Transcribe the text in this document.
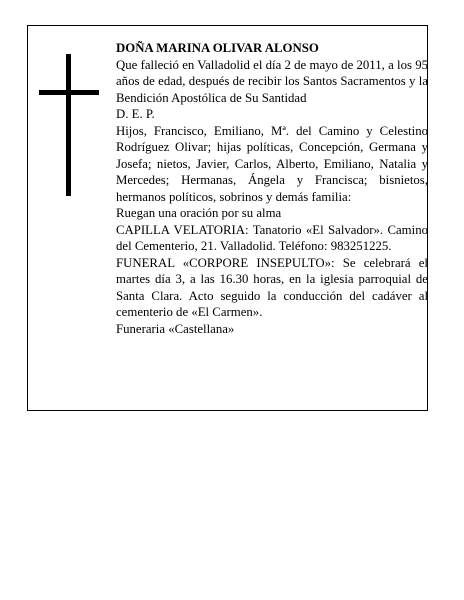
DOÑA MARINA OLIVAR ALONSO

Que falleció en Valladolid el día 2 de mayo de 2011, a los 95 años de edad, después de recibir los Santos Sacramentos y la Bendición Apostólica de Su Santidad

D. E. P.

Hijos, Francisco, Emiliano, Mª. del Camino y Celestino Rodríguez Olivar; hijas políticas, Concepción, Germana y Josefa; nietos, Javier, Carlos, Alberto, Emiliano, Natalia y Mercedes; Hermanas, Ángela y Francisca; bisnietos, hermanos políticos, sobrinos y demás familia:

Ruegan una oración por su alma

CAPILLA VELATORIA: Tanatorio «El Salvador». Camino del Cementerio, 21. Valladolid. Teléfono: 983251225.

FUNERAL «CORPORE INSEPULTO»: Se celebrará el martes día 3, a las 16.30 horas, en la iglesia parroquial de Santa Clara. Acto seguido la conducción del cadáver al cementerio de «El Carmen».

Funeraria «Castellana»
